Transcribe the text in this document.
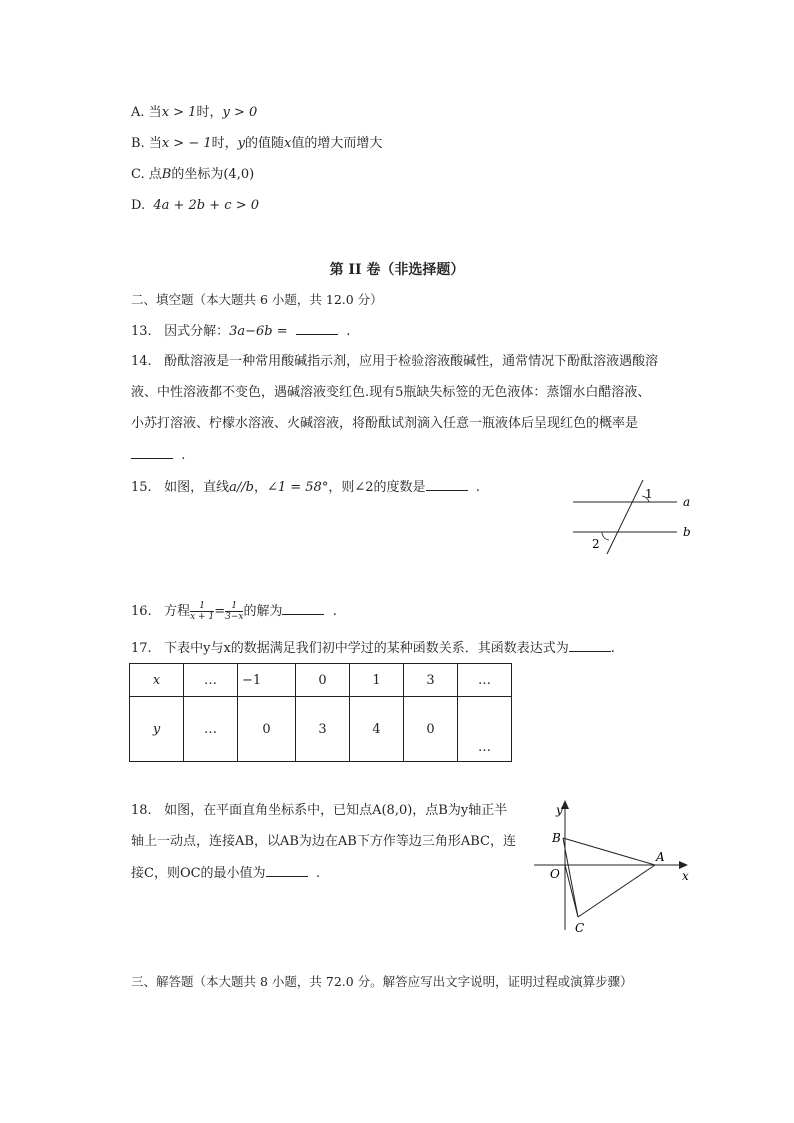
A. 当x > 1时，y > 0
B. 当x > − 1时，y的值随x值的增大而增大
C. 点B的坐标为(4,0)
D. 4a + 2b + c > 0
第 II 卷（非选择题）
二、填空题（本大题共 6 小题，共 12.0 分）
13. 因式分解：3a−6b =	.
14. 酚酞溶液是一种常用酸碱指示剂，应用于检验溶液酸碱性，通常情况下酚酞溶液遇酸溶
液、中性溶液都不变色，遇碱溶液变红色.现有5瓶缺失标签的无色液体：蒸馏水白醋溶液、
小苏打溶液、柠檬水溶液、火碱溶液，将酚酞试剂滴入任意一瓶液体后呈现红色的概率是
.
15. 如图，直线a//b，∠1 = 58°，则∠2的度数是	.	1
2
a
b
16. 方程 $\frac{1}{x + 1} = \frac{1}{3-x}$ 的解为	.
17. 下表中y与x的数据满足我们初中学过的某种函数关系．其函数表达式为	.
x	…	−1	0	1	3	…
y	…	0	3	4	0	…
18. 如图，在平面直角坐标系中，已知点A(8,0)，点B为y轴正半
轴上一动点，连接AB，以AB为边在AB下方作等边三角形ABC，连
接C，则OC的最小值为	.
y
x
B
A
O
C
三、解答题（本大题共 8 小题，共 72.0 分。解答应写出文字说明，证明过程或演算步骤）
